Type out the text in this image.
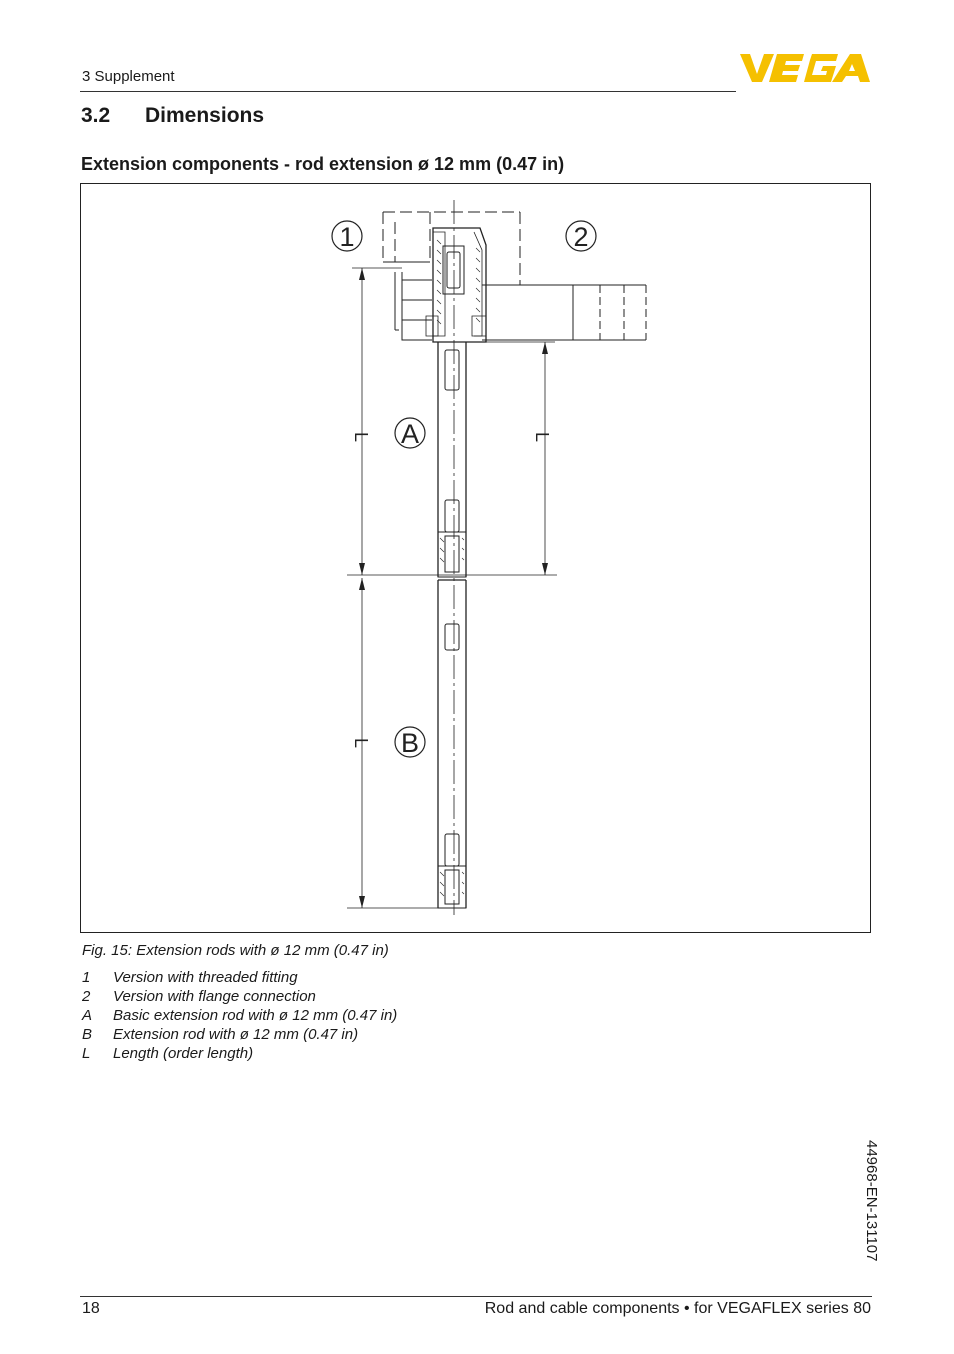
3 Supplement
3.2 Dimensions
Extension components - rod extension ø 12 mm (0.47 in)
L	L
L
1	2
A
B
Fig. 15: Extension rods with ø 12 mm (0.47 in)
1 Version with threaded fitting
2 Version with flange connection
A Basic extension rod with ø 12 mm (0.47 in)
B Extension rod with ø 12 mm (0.47 in)
L Length (order length)
44968-EN-131107
18	Rod and cable components • for VEGAFLEX series 80
